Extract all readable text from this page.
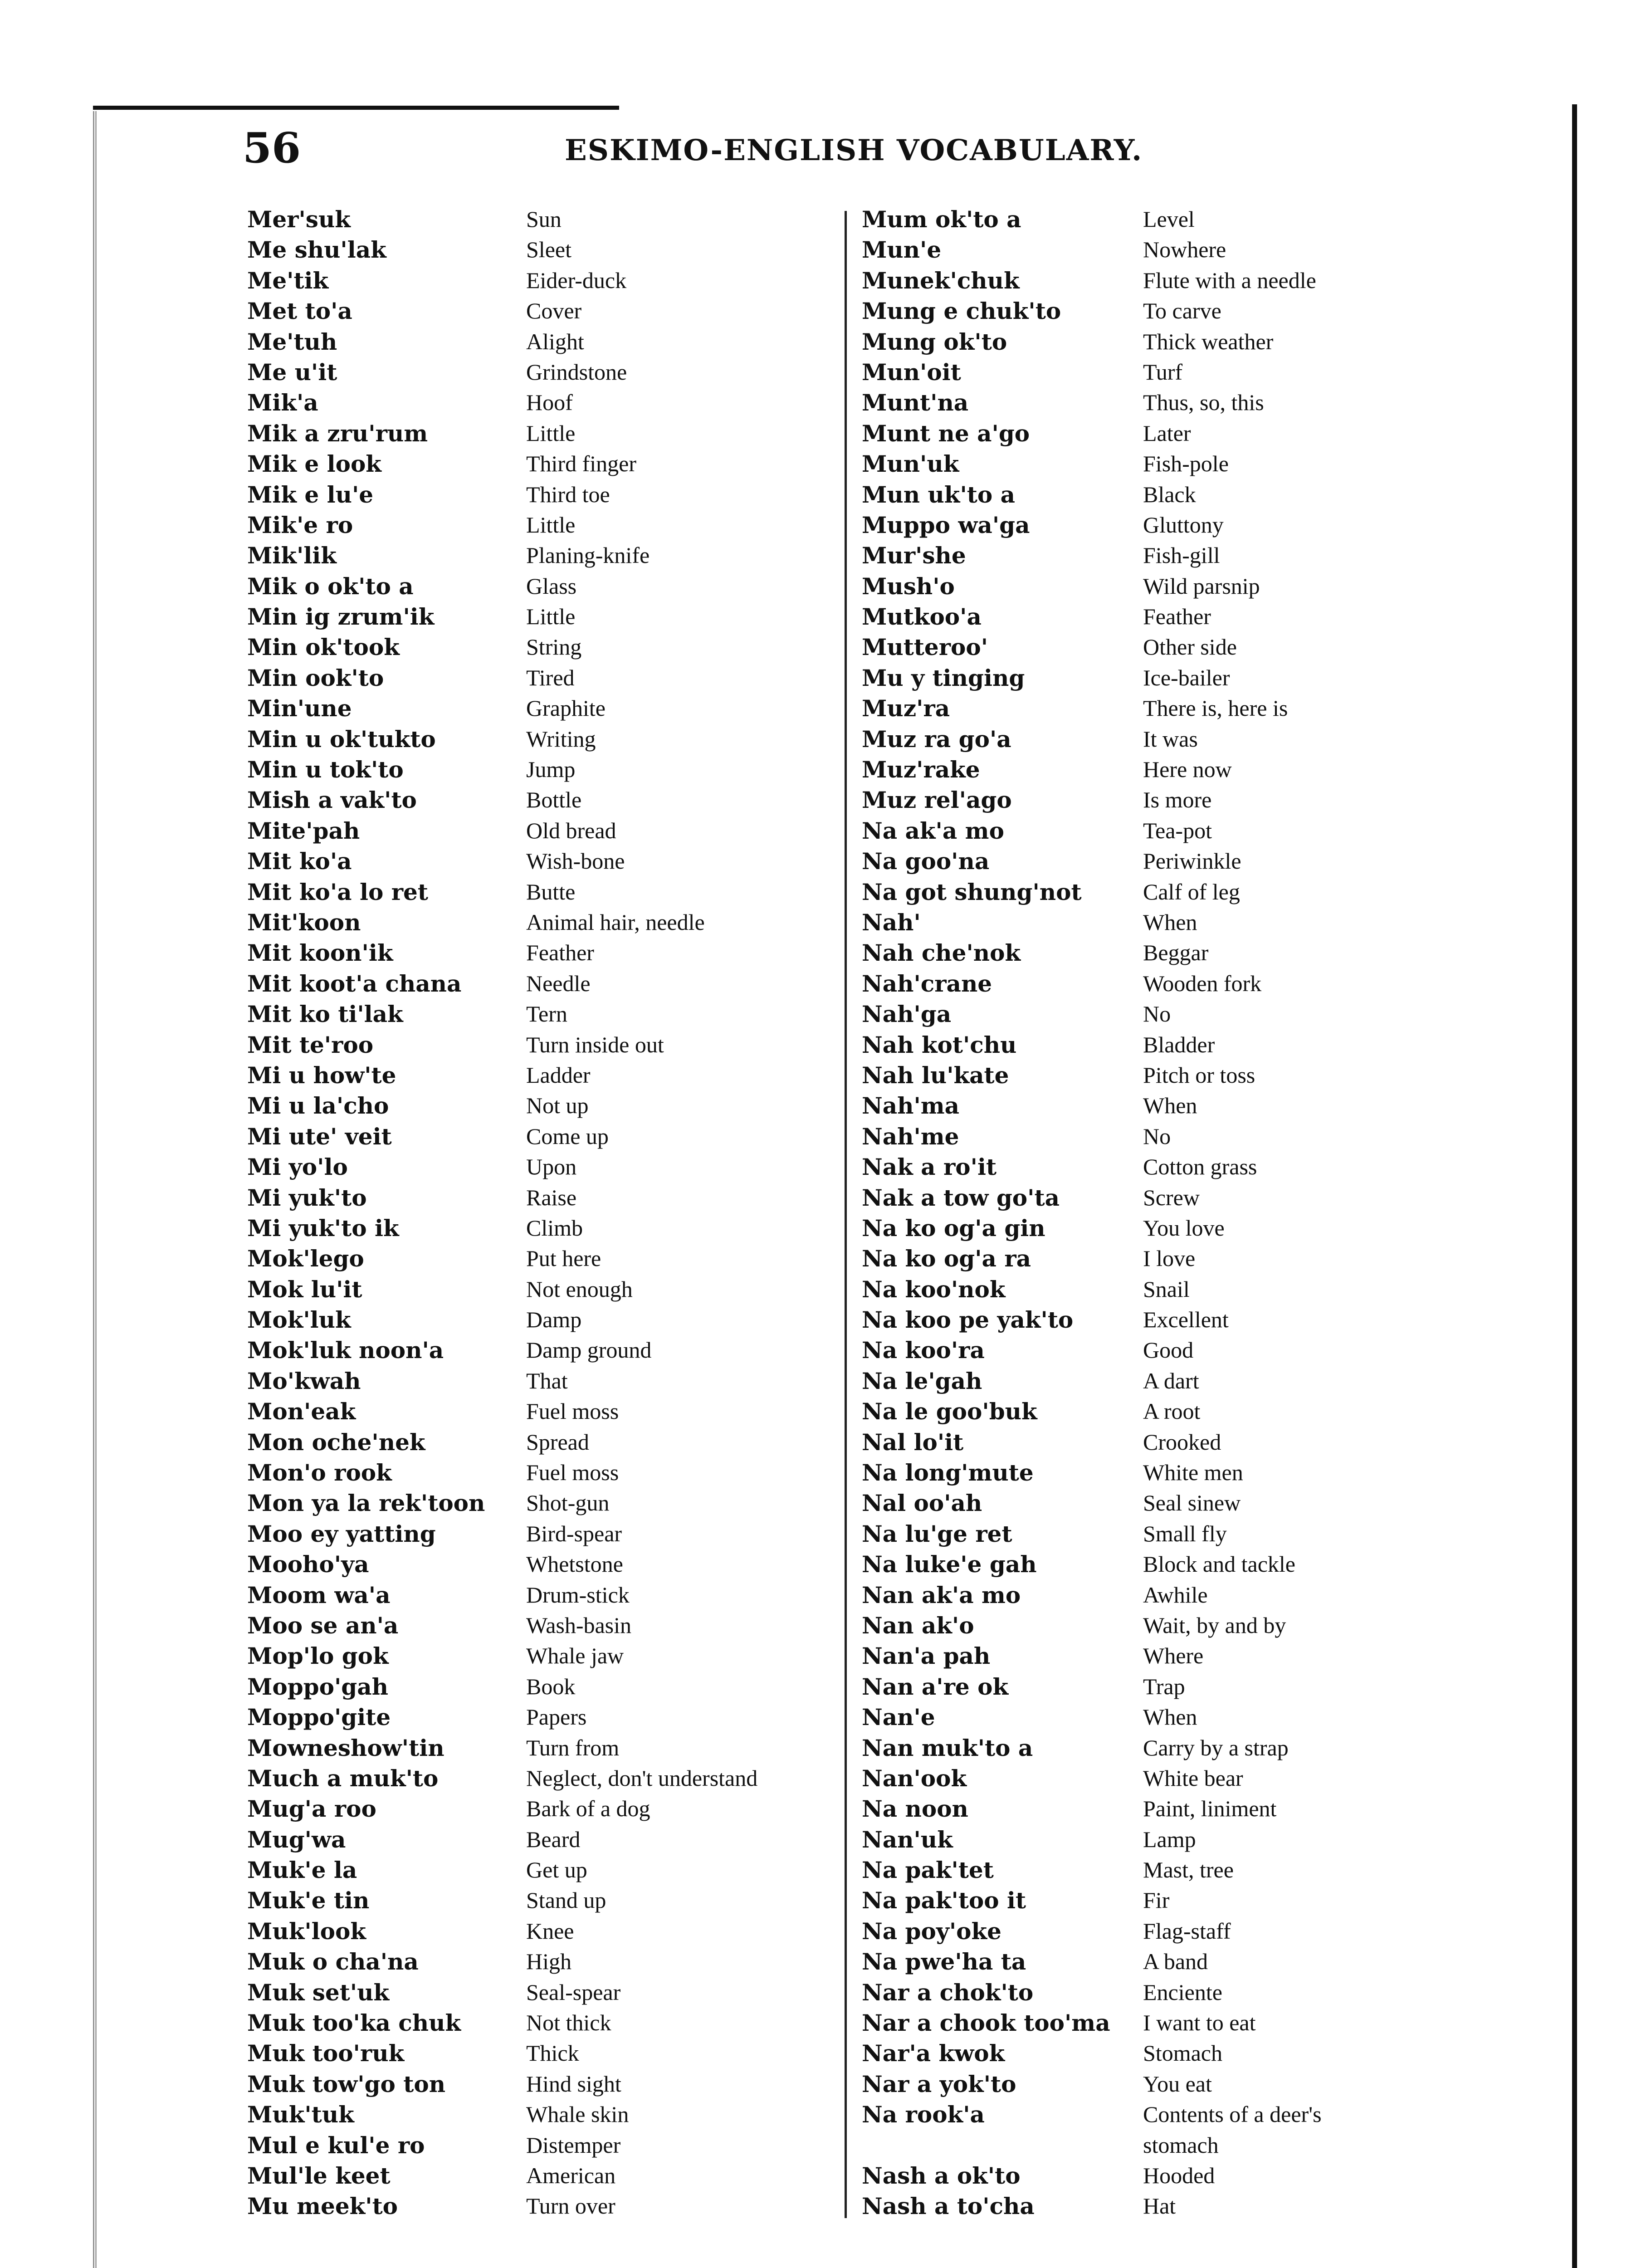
56	ESKIMO-ENGLISH VOCABULARY.
Mer'suk
Me shu'lak
Me'tik
Met to'a
Me'tuh
Me u'it
Mik'a
Mik a zru'rum
Mik e look
Mik e lu'e
Mik'e ro
Mik'lik
Mik o ok'to a
Min ig zrum'ik
Min ok'took
Min ook'to
Min'une
Min u ok'tukto
Min u tok'to
Mish a vak'to
Mite'pah
Mit ko'a
Mit ko'a lo ret
Mit'koon
Mit koon'ik
Mit koot'a chana
Mit ko ti'lak
Mit te'roo
Mi u how'te
Mi u la'cho
Mi ute' veit
Mi yo'lo
Mi yuk'to
Mi yuk'to ik
Mok'lego
Mok lu'it
Mok'luk
Mok'luk noon'a
Mo'kwah
Mon'eak
Mon oche'nek
Mon'o rook
Mon ya la rek'toon
Moo ey yatting
Mooho'ya
Moom wa'a
Moo se an'a
Mop'lo gok
Moppo'gah
Moppo'gite
Mowneshow'tin
Much a muk'to
Mug'a roo
Mug'wa
Muk'e la
Muk'e tin
Muk'look
Muk o cha'na
Muk set'uk
Muk too'ka chuk
Muk too'ruk
Muk tow'go ton
Muk'tuk
Mul e kul'e ro
Mul'le keet
Mu meek'to
Sun
Sleet
Eider-duck
Cover
Alight
Grindstone
Hoof
Little
Third finger
Third toe
Little
Planing-knife
Glass
Little
String
Tired
Graphite
Writing
Jump
Bottle
Old bread
Wish-bone
Butte
Animal hair, needle
Feather
Needle
Tern
Turn inside out
Ladder
Not up
Come up
Upon
Raise
Climb
Put here
Not enough
Damp
Damp ground
That
Fuel moss
Spread
Fuel moss
Shot-gun
Bird-spear
Whetstone
Drum-stick
Wash-basin
Whale jaw
Book
Papers
Turn from
Neglect, don't understand
Bark of a dog
Beard
Get up
Stand up
Knee
High
Seal-spear
Not thick
Thick
Hind sight
Whale skin
Distemper
American
Turn over
Mum ok'to a
Mun'e
Munek'chuk
Mung e chuk'to
Mung ok'to
Mun'oit
Munt'na
Munt ne a'go
Mun'uk
Mun uk'to a
Muppo wa'ga
Mur'she
Mush'o
Mutkoo'a
Mutteroo'
Mu y tinging
Muz'ra
Muz ra go'a
Muz'rake
Muz rel'ago
Na ak'a mo
Na goo'na
Na got shung'not
Nah'
Nah che'nok
Nah'crane
Nah'ga
Nah kot'chu
Nah lu'kate
Nah'ma
Nah'me
Nak a ro'it
Nak a tow go'ta
Na ko og'a gin
Na ko og'a ra
Na koo'nok
Na koo pe yak'to
Na koo'ra
Na le'gah
Na le goo'buk
Nal lo'it
Na long'mute
Nal oo'ah
Na lu'ge ret
Na luke'e gah
Nan ak'a mo
Nan ak'o
Nan'a pah
Nan a're ok
Nan'e
Nan muk'to a
Nan'ook
Na noon
Nan'uk
Na pak'tet
Na pak'too it
Na poy'oke
Na pwe'ha ta
Nar a chok'to
Nar a chook too'ma
Nar'a kwok
Nar a yok'to
Na rook'a
Nash a ok'to
Nash a to'cha
Level
Nowhere
Flute with a needle
To carve
Thick weather
Turf
Thus, so, this
Later
Fish-pole
Black
Gluttony
Fish-gill
Wild parsnip
Feather
Other side
Ice-bailer
There is, here is
It was
Here now
Is more
Tea-pot
Periwinkle
Calf of leg
When
Beggar
Wooden fork
No
Bladder
Pitch or toss
When
No
Cotton grass
Screw
You love
I love
Snail
Excellent
Good
A dart
A root
Crooked
White men
Seal sinew
Small fly
Block and tackle
Awhile
Wait, by and by
Where
Trap
When
Carry by a strap
White bear
Paint, liniment
Lamp
Mast, tree
Fir
Flag-staff
A band
Enciente
I want to eat
Stomach
You eat
Contents of a deer's
stomach
Hooded
Hat
